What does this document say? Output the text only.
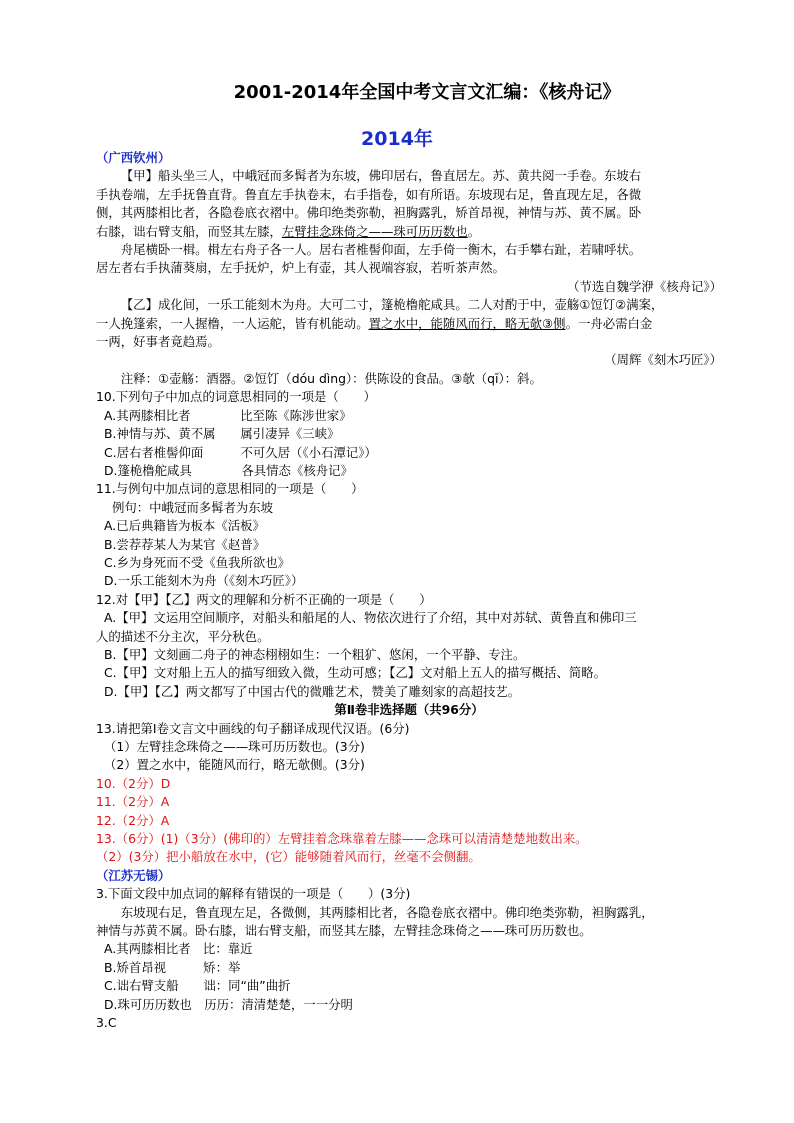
2001-2014年全国中考文言文汇编：《核舟记》
2014年

（广西钦州）

【甲】船头坐三人，中峨冠而多髯者为东坡，佛印居右，鲁直居左。苏、黄共阅一手卷。东坡右

手执卷端，左手抚鲁直背。鲁直左手执卷末，右手指卷，如有所语。东坡现右足，鲁直现左足，各微

侧，其两膝相比者，各隐卷底衣褶中。佛印绝类弥勒，袒胸露乳，矫首昂视，神情与苏、黄不属。卧

右膝，诎右臂支船，而竖其左膝，左臂挂念珠倚之——珠可历历数也。

舟尾横卧一楫。楫左右舟子各一人。居右者椎髻仰面，左手倚一衡木，右手攀右趾，若啸呼状。

居左者右手执蒲葵扇，左手抚炉，炉上有壶，其人视端容寂，若听茶声然。

（节选自魏学洢《核舟记》）

【乙】成化间，一乐工能刻木为舟。大可二寸，篷桅橹舵咸具。二人对酌于中，壶觞①饾饤②满案，

一人挽篷索，一人握橹，一人运舵，皆有机能动。置之水中，能随风而行，略无欹③侧。一舟必需白金

一两，好事者竟趋焉。

（周辉《刻木巧匠》）

注释：①壶觞：酒器。②饾饤（dóu dìng）：供陈设的食品。③欹（qī）：斜。

10.下列句子中加点的词意思相同的一项是（　　）

A.其两膝相比者　　　　比至陈《陈涉世家》

B.神情与苏、黄不属　　属引凄异《三峡》

C.居右者椎髻仰面　　　不可久居（《小石潭记》）

D.篷桅橹舵咸具　　　　各具情态《核舟记》

11.与例句中加点词的意思相同的一项是（　　）

例句：中峨冠而多髯者为东坡

A.已后典籍皆为板本《活板》

B.尝荐荐某人为某官《赵普》

C.乡为身死而不受《鱼我所欲也》

D.一乐工能刻木为舟（《刻木巧匠》）

12.对【甲】【乙】两文的理解和分析不正确的一项是（　　）

A.【甲】文运用空间顺序，对船头和船尾的人、物依次进行了介绍，其中对苏轼、黄鲁直和佛印三

人的描述不分主次，平分秋色。

B.【甲】文刻画二舟子的神态栩栩如生：一个粗犷、悠闲，一个平静、专注。

C.【甲】文对船上五人的描写细致入微，生动可感；【乙】文对船上五人的描写概括、简略。

D.【甲】【乙】两文都写了中国古代的微雕艺术，赞美了雕刻家的高超技艺。

第Ⅱ卷非选择题（共96分）

13.请把第Ⅰ卷文言文中画线的句子翻译成现代汉语。(6分)

（1）左臂挂念珠倚之——珠可历历数也。(3分)

（2）置之水中，能随风而行，略无欹侧。(3分)

10.（2分）D

11.（2分）A

12.（2分）A

13.（6分）(1)（3分）(佛印的）左臂挂着念珠靠着左膝——念珠可以清清楚楚地数出来。

（2）(3分）把小船放在水中，(它）能够随着风而行，丝毫不会侧翻。

（江苏无锡）

3.下面文段中加点词的解释有错误的一项是（　　）(3分)

东坡现右足，鲁直现左足，各微侧，其两膝相比者，各隐卷底衣褶中。佛印绝类弥勒，袒胸露乳，

神情与苏黄不属。卧右膝，诎右臂支船，而竖其左膝，左臂挂念珠倚之——珠可历历数也。

A.其两膝相比者　比：靠近

B.矫首昂视　　　矫：举

C.诎右臂支船　　诎：同“曲”曲折

D.珠可历历数也　历历：清清楚楚，一一分明

3.C
